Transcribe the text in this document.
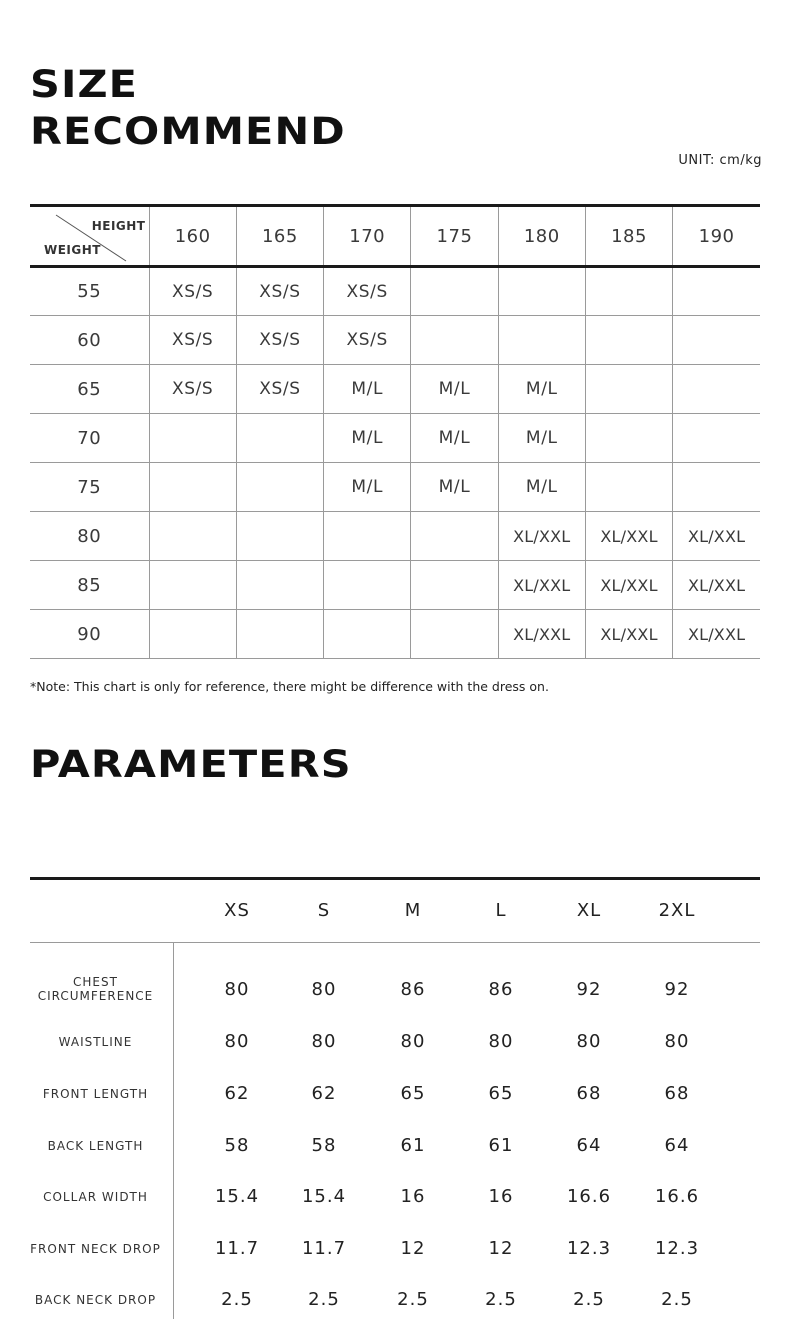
SIZE
RECOMMEND
UNIT: cm/kg
HEIGHT
WEIGHT	160	165	170	175	180	185	190
55	XS/S	XS/S	XS/S				
60	XS/S	XS/S	XS/S				
65	XS/S	XS/S	M/L	M/L	M/L		
70			M/L	M/L	M/L		
75			M/L	M/L	M/L		
80					XL/XXL	XL/XXL	XL/XXL
85					XL/XXL	XL/XXL	XL/XXL
90					XL/XXL	XL/XXL	XL/XXL
*Note: This chart is only for reference, there might be difference with the dress on.
PARAMETERS
XS	S	M	L	XL	2XL
CHEST
CIRCUMFERENCE	80	80	86	86	92	92
WAISTLINE	80	80	80	80	80	80
FRONT LENGTH	62	62	65	65	68	68
BACK LENGTH	58	58	61	61	64	64
COLLAR WIDTH	15.4	15.4	16	16	16.6	16.6
FRONT NECK DROP	11.7	11.7	12	12	12.3	12.3
BACK NECK DROP	2.5	2.5	2.5	2.5	2.5	2.5
